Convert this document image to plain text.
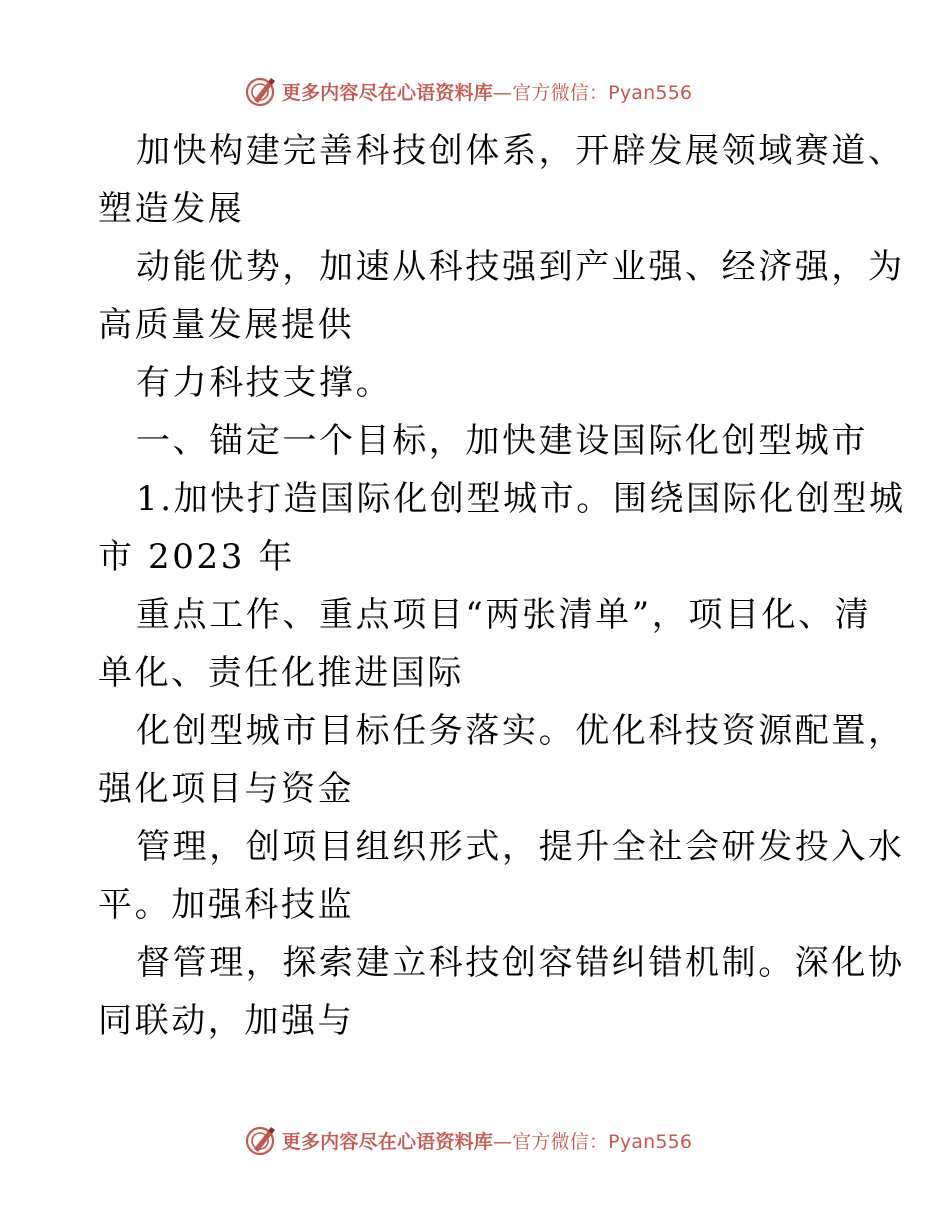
更多内容尽在心语资料库—官方微信：Pyan556
加快构建完善科技创体系，开辟发展领域赛道、
塑造发展
动能优势，加速从科技强到产业强、经济强，为
高质量发展提供
有力科技支撑。
一、锚定一个目标，加快建设国际化创型城市
1.加快打造国际化创型城市。围绕国际化创型城
市 2023 年
重点工作、重点项目“两张清单”，项目化、清
单化、责任化推进国际
化创型城市目标任务落实。优化科技资源配置，
强化项目与资金
管理，创项目组织形式，提升全社会研发投入水
平。加强科技监
督管理，探索建立科技创容错纠错机制。深化协
同联动，加强与
更多内容尽在心语资料库—官方微信：Pyan556
